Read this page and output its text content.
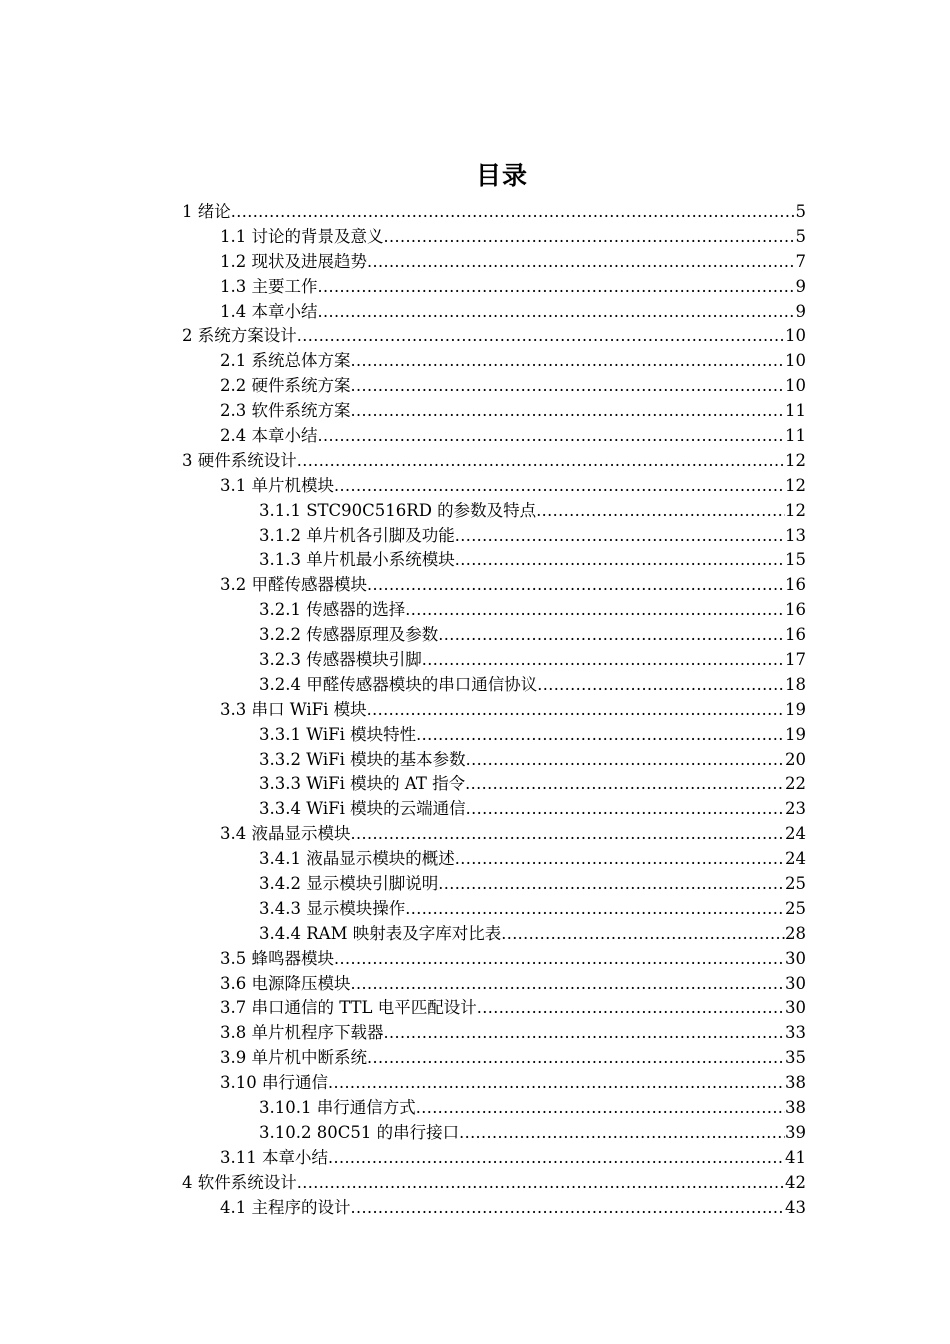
目录
1 绪论 .....	5
1.1 讨论的背景及意义 .....	5
1.2 现状及进展趋势 .....	7
1.3 主要工作 .....	9
1.4 本章小结 .....	9
2 系统方案设计 .....	10
2.1 系统总体方案 .....	10
2.2 硬件系统方案 .....	10
2.3 软件系统方案 .....	11
2.4 本章小结 .....	11
3 硬件系统设计 .....	12
3.1 单片机模块 .....	12
3.1.1 STC90C516RD 的参数及特点 .....	12
3.1.2 单片机各引脚及功能 .....	13
3.1.3 单片机最小系统模块 .....	15
3.2 甲醛传感器模块 .....	16
3.2.1 传感器的选择 .....	16
3.2.2 传感器原理及参数 .....	16
3.2.3 传感器模块引脚 .....	17
3.2.4 甲醛传感器模块的串口通信协议 .....	18
3.3 串口 WiFi 模块 .....	19
3.3.1 WiFi 模块特性 .....	19
3.3.2 WiFi 模块的基本参数 .....	20
3.3.3 WiFi 模块的 AT 指令 .....	22
3.3.4 WiFi 模块的云端通信 .....	23
3.4 液晶显示模块 .....	24
3.4.1 液晶显示模块的概述 .....	24
3.4.2 显示模块引脚说明 .....	25
3.4.3 显示模块操作 .....	25
3.4.4 RAM 映射表及字库对比表 .....	28
3.5 蜂鸣器模块 .....	30
3.6 电源降压模块 .....	30
3.7 串口通信的 TTL 电平匹配设计 .....	30
3.8 单片机程序下载器 .....	33
3.9 单片机中断系统 .....	35
3.10 串行通信 .....	38
3.10.1 串行通信方式 .....	38
3.10.2 80C51 的串行接口 .....	39
3.11 本章小结 .....	41
4 软件系统设计 .....	42
4.1 主程序的设计 .....	43
